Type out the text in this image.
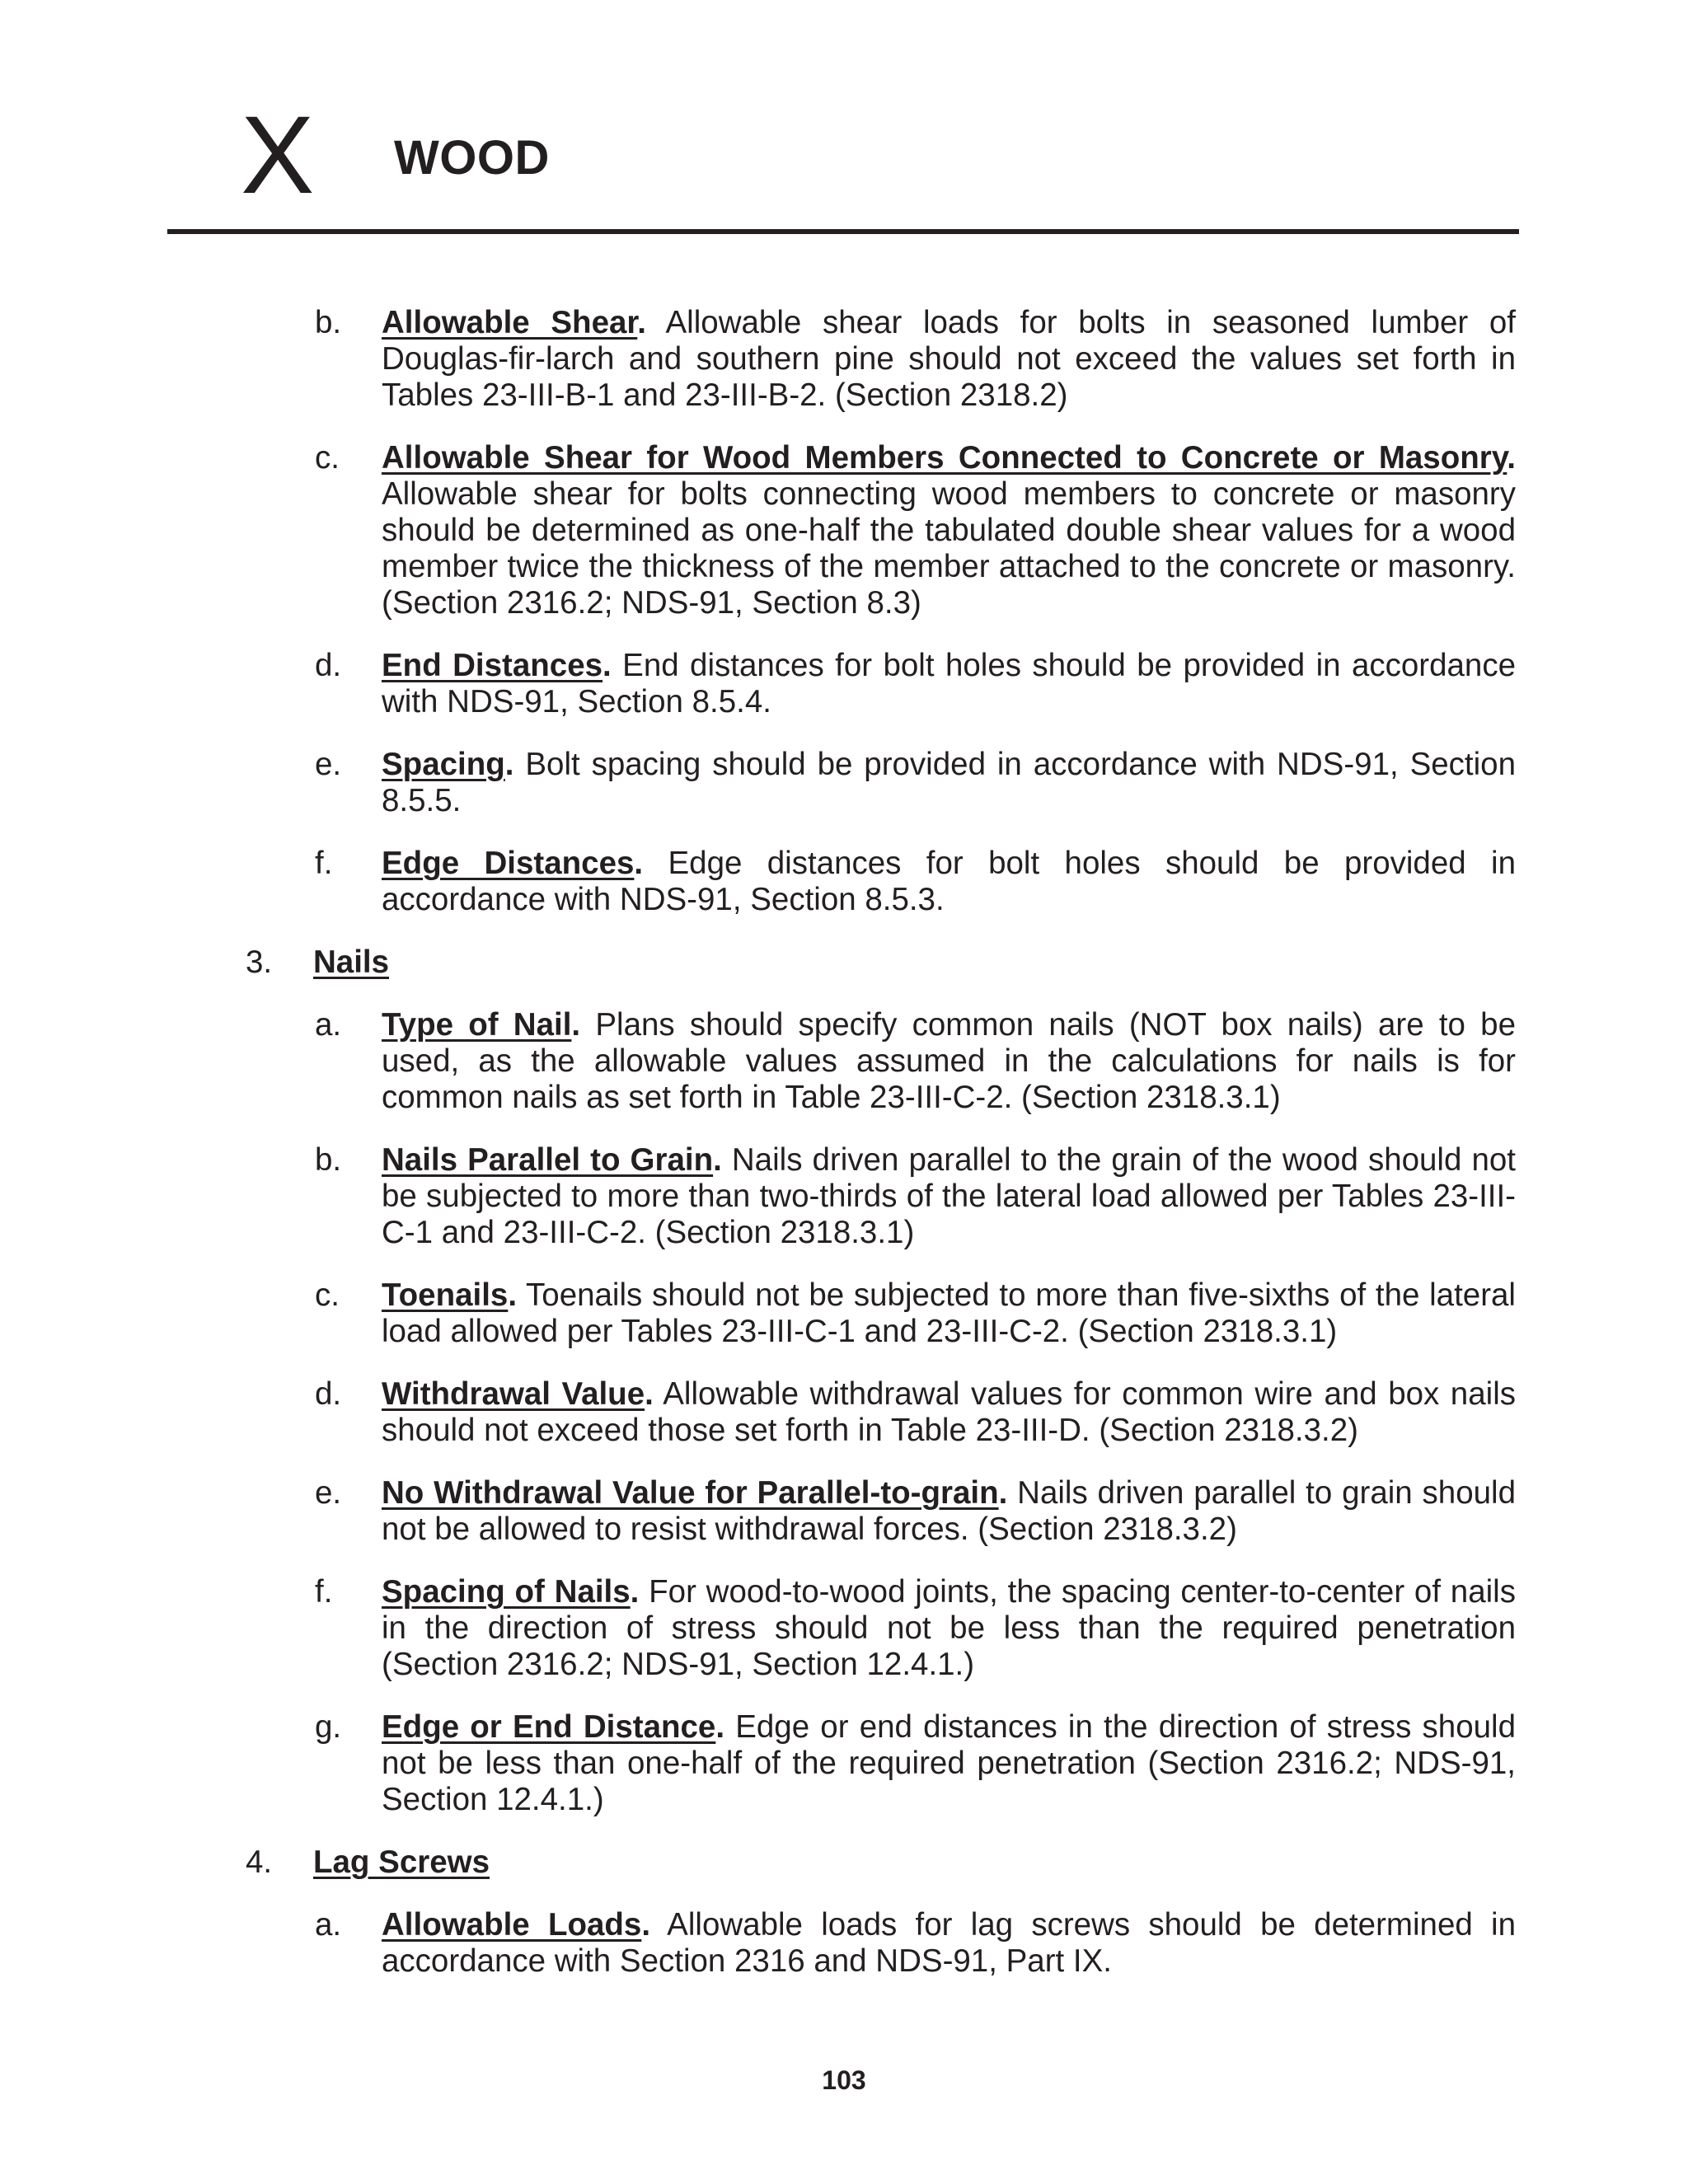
X WOOD
b. Allowable Shear. Allowable shear loads for bolts in seasoned lumber of Douglas-fir-larch and southern pine should not exceed the values set forth in Tables 23-III-B-1 and 23-III-B-2. (Section 2318.2)
c. Allowable Shear for Wood Members Connected to Concrete or Masonry. Allowable shear for bolts connecting wood members to concrete or masonry should be determined as one-half the tabulated double shear values for a wood member twice the thickness of the member attached to the concrete or masonry. (Section 2316.2; NDS-91, Section 8.3)
d. End Distances. End distances for bolt holes should be provided in accordance with NDS-91, Section 8.5.4.
e. Spacing. Bolt spacing should be provided in accordance with NDS-91, Section 8.5.5.
f. Edge Distances. Edge distances for bolt holes should be provided in accordance with NDS-91, Section 8.5.3.
3. Nails
a. Type of Nail. Plans should specify common nails (NOT box nails) are to be used, as the allowable values assumed in the calculations for nails is for common nails as set forth in Table 23-III-C-2. (Section 2318.3.1)
b. Nails Parallel to Grain. Nails driven parallel to the grain of the wood should not be subjected to more than two-thirds of the lateral load allowed per Tables 23-III-C-1 and 23-III-C-2. (Section 2318.3.1)
c. Toenails. Toenails should not be subjected to more than five-sixths of the lateral load allowed per Tables 23-III-C-1 and 23-III-C-2. (Section 2318.3.1)
d. Withdrawal Value. Allowable withdrawal values for common wire and box nails should not exceed those set forth in Table 23-III-D. (Section 2318.3.2)
e. No Withdrawal Value for Parallel-to-grain. Nails driven parallel to grain should not be allowed to resist withdrawal forces. (Section 2318.3.2)
f. Spacing of Nails. For wood-to-wood joints, the spacing center-to-center of nails in the direction of stress should not be less than the required penetration (Section 2316.2; NDS-91, Section 12.4.1.)
g. Edge or End Distance. Edge or end distances in the direction of stress should not be less than one-half of the required penetration (Section 2316.2; NDS-91, Section 12.4.1.)
4. Lag Screws
a. Allowable Loads. Allowable loads for lag screws should be determined in accordance with Section 2316 and NDS-91, Part IX.
103
